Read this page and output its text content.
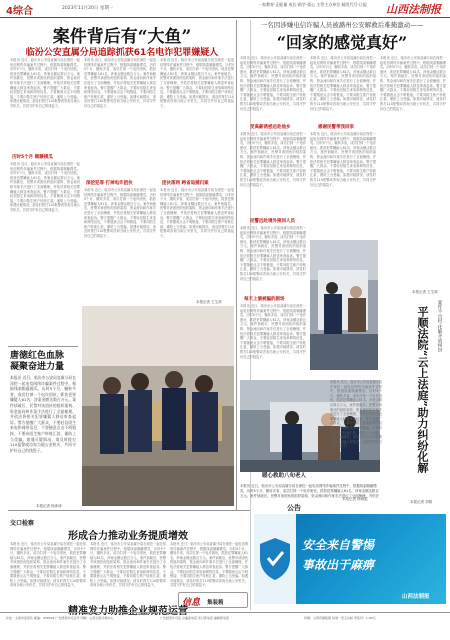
4综合	2023年11月20日 星期一
一家教育·正能量 成长·助学·爱心 主管主办单位 邮发代号·日报	山西法制报
案件背后有“大鱼”
临汾公安直属分局追踪抓获61名电诈犯罪嫌疑人
本报讯 近日，临汾市公安局直属分局在深挖一起电信网络诈骗案件过程中，根据线索顺藤摸瓜，历时5个月，辗转多省，成功打掉一个电诈团伙，抓获犯罪嫌疑人61名，涉案金额达数百万元。案件侦破后，民警对该团伙的组织架构、资金流向和作案手法进行了全面梳理，并依法将相关犯罪嫌疑人移送审查起诉。警方提醒广大群众，不要轻信陌生来电和网络信息，不要随意点击不明链接，不要向陌生账户转账汇款，谨防上当受骗。如遇可疑情况，请及时拨打110报警或咨询当地公安机关，共同守护好自己的钱袋子。
历时5个月 顺藤摸瓜
本报讯 近日，临汾市公安局直属分局在深挖一起电信网络诈骗案件过程中，根据线索顺藤摸瓜，历时5个月，辗转多省，成功打掉一个电诈团伙，抓获犯罪嫌疑人61名，涉案金额达数百万元。案件侦破后，民警对该团伙的组织架构、资金流向和作案手法进行了全面梳理，并依法将相关犯罪嫌疑人移送审查起诉。警方提醒广大群众，不要轻信陌生来电和网络信息，不要随意点击不明链接，不要向陌生账户转账汇款，谨防上当受骗。如遇可疑情况，请及时拨打110报警或咨询当地公安机关，共同守护好自己的钱袋子。
本报讯 近日，临汾市公安局直属分局在深挖一起电信网络诈骗案件过程中，根据线索顺藤摸瓜，历时5个月，辗转多省，成功打掉一个电诈团伙，抓获犯罪嫌疑人61名，涉案金额达数百万元。案件侦破后，民警对该团伙的组织架构、资金流向和作案手法进行了全面梳理，并依法将相关犯罪嫌疑人移送审查起诉。警方提醒广大群众，不要轻信陌生来电和网络信息，不要随意点击不明链接，不要向陌生账户转账汇款，谨防上当受骗。如遇可疑情况，请及时拨打110报警或咨询当地公安机关，共同守护好自己的钱袋子。
深挖犯罪 打掉电诈团伙
本报讯 近日，临汾市公安局直属分局在深挖一起电信网络诈骗案件过程中，根据线索顺藤摸瓜，历时5个月，辗转多省，成功打掉一个电诈团伙，抓获犯罪嫌疑人61名，涉案金额达数百万元。案件侦破后，民警对该团伙的组织架构、资金流向和作案手法进行了全面梳理，并依法将相关犯罪嫌疑人移送审查起诉。警方提醒广大群众，不要轻信陌生来电和网络信息，不要随意点击不明链接，不要向陌生账户转账汇款，谨防上当受骗。如遇可疑情况，请及时拨打110报警或咨询当地公安机关，共同守护好自己的钱袋子。
本报讯 近日，临汾市公安局直属分局在深挖一起电信网络诈骗案件过程中，根据线索顺藤摸瓜，历时5个月，辗转多省，成功打掉一个电诈团伙，抓获犯罪嫌疑人61名，涉案金额达数百万元。案件侦破后，民警对该团伙的组织架构、资金流向和作案手法进行了全面梳理，并依法将相关犯罪嫌疑人移送审查起诉。警方提醒广大群众，不要轻信陌生来电和网络信息，不要随意点击不明链接，不要向陌生账户转账汇款，谨防上当受骗。如遇可疑情况，请及时拨打110报警或咨询当地公安机关，共同守护好自己的钱袋子。
团伙落网 跨省追捕归案
本报讯 近日，临汾市公安局直属分局在深挖一起电信网络诈骗案件过程中，根据线索顺藤摸瓜，历时5个月，辗转多省，成功打掉一个电诈团伙，抓获犯罪嫌疑人61名，涉案金额达数百万元。案件侦破后，民警对该团伙的组织架构、资金流向和作案手法进行了全面梳理，并依法将相关犯罪嫌疑人移送审查起诉。警方提醒广大群众，不要轻信陌生来电和网络信息，不要随意点击不明链接，不要向陌生账户转账汇款，谨防上当受骗。如遇可疑情况，请及时拨打110报警或咨询当地公安机关，共同守护好自己的钱袋子。
本报记者 王艾莉
唐徳红色血脉 凝聚奋进力量
本报讯 近日，临汾市公安局直属分局在深挖一起电信网络诈骗案件过程中，根据线索顺藤摸瓜，历时5个月，辗转多省，成功打掉一个电诈团伙，抓获犯罪嫌疑人61名，涉案金额达数百万元。案件侦破后，民警对该团伙的组织架构、资金流向和作案手法进行了全面梳理，并依法将相关犯罪嫌疑人移送审查起诉。警方提醒广大群众，不要轻信陌生来电和网络信息，不要随意点击不明链接，不要向陌生账户转账汇款，谨防上当受骗。如遇可疑情况，请及时拨打110报警或咨询当地公安机关，共同守护好自己的钱袋子。
本报记者 杨沐涛
一名因涉嫌电信诈骗人员被潞州公安解救后难掩激动——
“回家的感觉真好”
本报讯 近日，临汾市公安局直属分局在深挖一起电信网络诈骗案件过程中，根据线索顺藤摸瓜，历时5个月，辗转多省，成功打掉一个电诈团伙，抓获犯罪嫌疑人61名，涉案金额达数百万元。案件侦破后，民警对该团伙的组织架构、资金流向和作案手法进行了全面梳理，并依法将相关犯罪嫌疑人移送审查起诉。警方提醒广大群众，不要轻信陌生来电和网络信息，不要随意点击不明链接，不要向陌生账户转账汇款，谨防上当受骗。如遇可疑情况，请及时拨打110报警或咨询当地公安机关，共同守护好自己的钱袋子。
受高薪诱惑远赴他乡
本报讯 近日，临汾市公安局直属分局在深挖一起电信网络诈骗案件过程中，根据线索顺藤摸瓜，历时5个月，辗转多省，成功打掉一个电诈团伙，抓获犯罪嫌疑人61名，涉案金额达数百万元。案件侦破后，民警对该团伙的组织架构、资金流向和作案手法进行了全面梳理，并依法将相关犯罪嫌疑人移送审查起诉。警方提醒广大群众，不要轻信陌生来电和网络信息，不要随意点击不明链接，不要向陌生账户转账汇款，谨防上当受骗。如遇可疑情况，请及时拨打110报警或咨询当地公安机关，共同守护好自己的钱袋子。
民警远赴境外接回人员
本报讯 近日，临汾市公安局直属分局在深挖一起电信网络诈骗案件过程中，根据线索顺藤摸瓜，历时5个月，辗转多省，成功打掉一个电诈团伙，抓获犯罪嫌疑人61名，涉案金额达数百万元。案件侦破后，民警对该团伙的组织架构、资金流向和作案手法进行了全面梳理，并依法将相关犯罪嫌疑人移送审查起诉。警方提醒广大群众，不要轻信陌生来电和网络信息，不要随意点击不明链接，不要向陌生账户转账汇款，谨防上当受骗。如遇可疑情况，请及时拨打110报警或咨询当地公安机关，共同守护好自己的钱袋子。
本报讯 近日，临汾市公安局直属分局在深挖一起电信网络诈骗案件过程中，根据线索顺藤摸瓜，历时5个月，辗转多省，成功打掉一个电诈团伙，抓获犯罪嫌疑人61名，涉案金额达数百万元。案件侦破后，民警对该团伙的组织架构、资金流向和作案手法进行了全面梳理，并依法将相关犯罪嫌疑人移送审查起诉。警方提醒广大群众，不要轻信陌生来电和网络信息，不要随意点击不明链接，不要向陌生账户转账汇款，谨防上当受骗。如遇可疑情况，请及时拨打110报警或咨询当地公安机关，共同守护好自己的钱袋子。
感谢民警带我回家
本报讯 近日，临汾市公安局直属分局在深挖一起电信网络诈骗案件过程中，根据线索顺藤摸瓜，历时5个月，辗转多省，成功打掉一个电诈团伙，抓获犯罪嫌疑人61名，涉案金额达数百万元。案件侦破后，民警对该团伙的组织架构、资金流向和作案手法进行了全面梳理，并依法将相关犯罪嫌疑人移送审查起诉。警方提醒广大群众，不要轻信陌生来电和网络信息，不要随意点击不明链接，不要向陌生账户转账汇款，谨防上当受骗。如遇可疑情况，请及时拨打110报警或咨询当地公安机关，共同守护好自己的钱袋子。
每天上演被骗的剧场
本报讯 近日，临汾市公安局直属分局在深挖一起电信网络诈骗案件过程中，根据线索顺藤摸瓜，历时5个月，辗转多省，成功打掉一个电诈团伙，抓获犯罪嫌疑人61名，涉案金额达数百万元。案件侦破后，民警对该团伙的组织架构、资金流向和作案手法进行了全面梳理，并依法将相关犯罪嫌疑人移送审查起诉。警方提醒广大群众，不要轻信陌生来电和网络信息，不要随意点击不明链接，不要向陌生账户转账汇款，谨防上当受骗。如遇可疑情况，请及时拨打110报警或咨询当地公安机关，共同守护好自己的钱袋子。
本报讯 近日，临汾市公安局直属分局在深挖一起电信网络诈骗案件过程中，根据线索顺藤摸瓜，历时5个月，辗转多省，成功打掉一个电诈团伙，抓获犯罪嫌疑人61名，涉案金额达数百万元。案件侦破后，民警对该团伙的组织架构、资金流向和作案手法进行了全面梳理，并依法将相关犯罪嫌疑人移送审查起诉。警方提醒广大群众，不要轻信陌生来电和网络信息，不要随意点击不明链接，不要向陌生账户转账汇款，谨防上当受骗。如遇可疑情况，请及时拨打110报警或咨询当地公安机关，共同守护好自己的钱袋子。
本报记者 王艾莉
暖心救助八旬老人
本报讯 近日，临汾市公安局直属分局在深挖一起电信网络诈骗案件过程中，根据线索顺藤摸瓜，历时5个月，辗转多省，成功打掉一个电诈团伙，抓获犯罪嫌疑人61名，涉案金额达数百万元。案件侦破后，民警对该团伙的组织架构、资金流向和作案手法进行了全面梳理，并依法
本报记者 杨海霞
案件不出村·化解矛盾纠纷
平顺法院“云上法庭”助力纠纷化解
本报讯 近日，临汾市公安局直属分局在深挖一起电信网络诈骗案件过程中，根据线索顺藤摸瓜，历时5个月，辗转多省，成功打掉一个电诈团伙，抓获犯罪嫌疑人61名，涉案金额达数百万元。案件侦破后，民警对该团伙的组织架构、资金流向和作案手法进行了全面梳理，并依法将相关犯罪嫌疑人移送审查起诉。警方提醒广大群众，不要轻信陌生来电和网络信息，不要随意点击不明链接，不要向陌生账户转账汇款，谨防上当受骗。如遇可疑情况，请及时拨打110报警或咨询当地公安机关，共同守护好自己的钱袋子。
本报记者 刘锦
公告
交口检察
形成合力推动业务提质增效
本报讯 近日，临汾市公安局直属分局在深挖一起电信网络诈骗案件过程中，根据线索顺藤摸瓜，历时5个月，辗转多省，成功打掉一个电诈团伙，抓获犯罪嫌疑人61名，涉案金额达数百万元。案件侦破后，民警对该团伙的组织架构、资金流向和作案手法进行了全面梳理，并依法将相关犯罪嫌疑人移送审查起诉。警方提醒广大群众，不要轻信陌生来电和网络信息，不要随意点击不明链接，不要向陌生账户转账汇款，谨防上当受骗。如遇可疑情况，请及时拨打110报警或咨询当地公安机关，共同守护好自己的钱袋子。
本报讯 近日，临汾市公安局直属分局在深挖一起电信网络诈骗案件过程中，根据线索顺藤摸瓜，历时5个月，辗转多省，成功打掉一个电诈团伙，抓获犯罪嫌疑人61名，涉案金额达数百万元。案件侦破后，民警对该团伙的组织架构、资金流向和作案手法进行了全面梳理，并依法将相关犯罪嫌疑人移送审查起诉。警方提醒广大群众，不要轻信陌生来电和网络信息，不要随意点击不明链接，不要向陌生账户转账汇款，谨防上当受骗。如遇可疑情况，请及时拨打110报警或咨询当地公安机关，共同守护好自己的钱袋子。
本报讯 近日，临汾市公安局直属分局在深挖一起电信网络诈骗案件过程中，根据线索顺藤摸瓜，历时5个月，辗转多省，成功打掉一个电诈团伙，抓获犯罪嫌疑人61名，涉案金额达数百万元。案件侦破后，民警对该团伙的组织架构、资金流向和作案手法进行了全面梳理，并依法将相关犯罪嫌疑人移送审查起诉。警方提醒广大群众，不要轻信陌生来电和网络信息，不要随意点击不明链接，不要向陌生账户转账汇款，谨防上当受骗。如遇可疑情况，请及时拨打110报警或咨询当地公安机关，共同守护好自己的钱袋子。
精准发力助推企业规范运营
信息 集装箱
安全来自警惕
事故出于麻痹
山西法制报
社址：太原市迎泽区 邮编：030002 广告经营许可证号 印刷：山西日报印务中心	广告经营许可证 总编室电话 发行部电话 编辑部电话	印刷：山西印刷集团 每周一至五出版 零售价：1.00元
